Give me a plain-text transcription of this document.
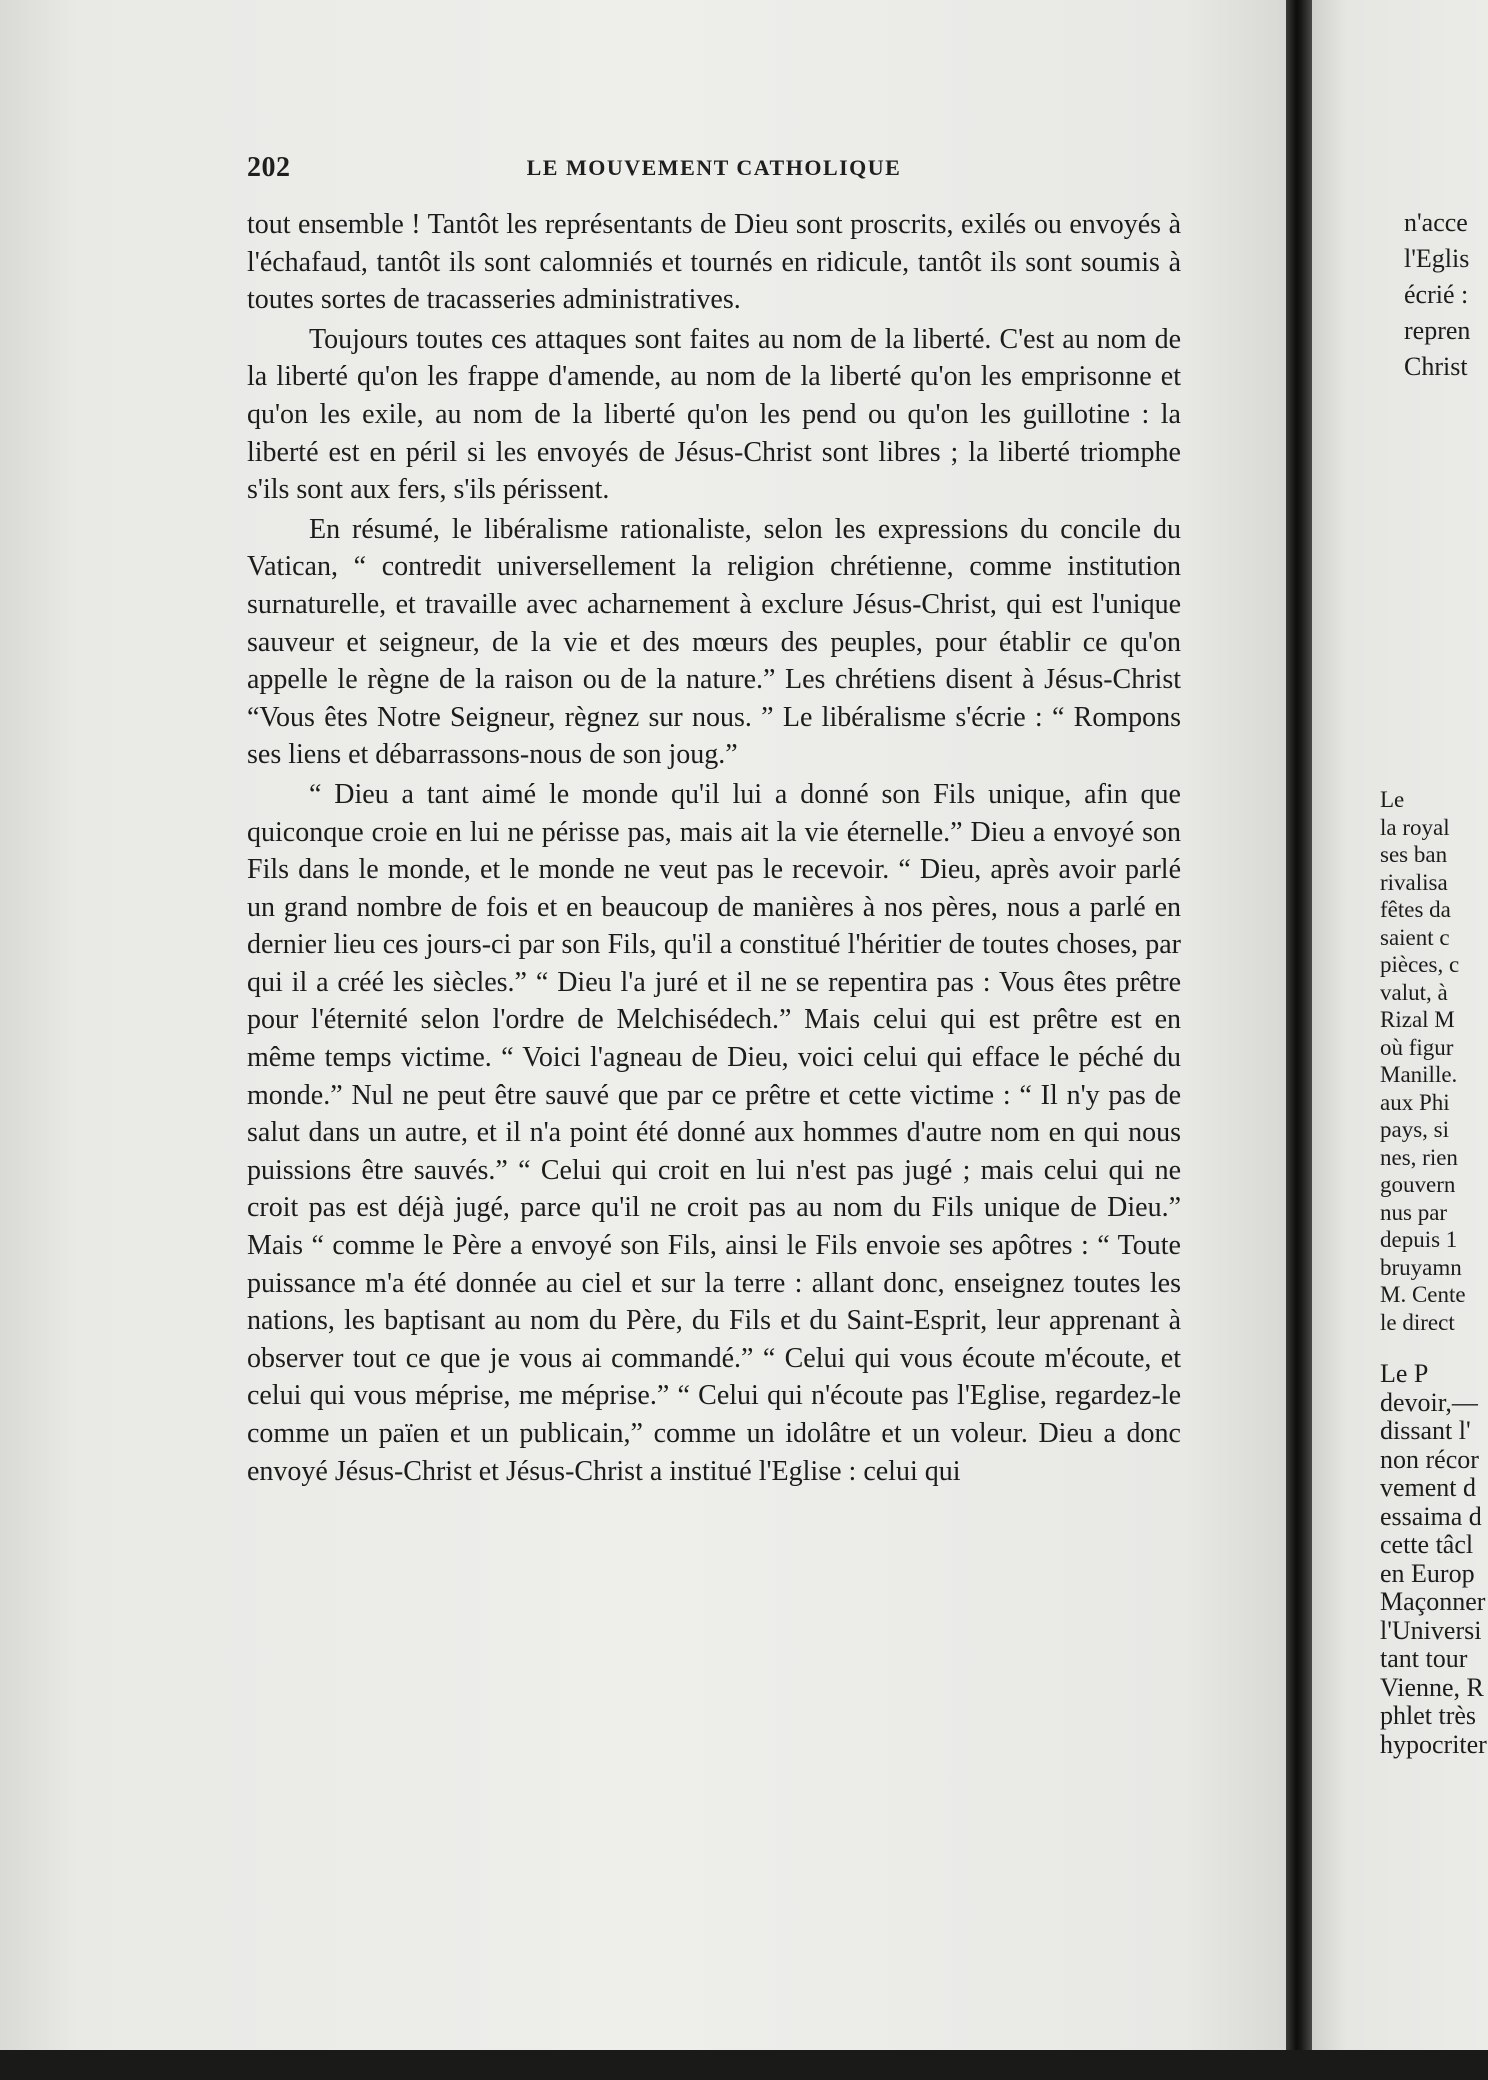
202	LE MOUVEMENT CATHOLIQUE

tout ensemble ! Tantôt les représentants de Dieu sont proscrits, exilés ou envoyés à l'échafaud, tantôt ils sont calomniés et tournés en ridicule, tantôt ils sont soumis à toutes sortes de tracasseries administratives.

Toujours toutes ces attaques sont faites au nom de la liberté. C'est au nom de la liberté qu'on les frappe d'amende, au nom de la liberté qu'on les emprisonne et qu'on les exile, au nom de la liberté qu'on les pend ou qu'on les guillotine : la liberté est en péril si les envoyés de Jésus-Christ sont libres ; la liberté triomphe s'ils sont aux fers, s'ils périssent.

En résumé, le libéralisme rationaliste, selon les expressions du concile du Vatican, “ contredit universellement la religion chrétienne, comme institution surnaturelle, et travaille avec acharnement à exclure Jésus-Christ, qui est l'unique sauveur et seigneur, de la vie et des mœurs des peuples, pour établir ce qu'on appelle le règne de la raison ou de la nature.” Les chrétiens disent à Jésus-Christ “Vous êtes Notre Seigneur, règnez sur nous. ” Le libéralisme s'écrie : “ Rompons ses liens et débarrassons-nous de son joug.”

“ Dieu a tant aimé le monde qu'il lui a donné son Fils unique, afin que quiconque croie en lui ne périsse pas, mais ait la vie éternelle.” Dieu a envoyé son Fils dans le monde, et le monde ne veut pas le recevoir. “ Dieu, après avoir parlé un grand nombre de fois et en beaucoup de manières à nos pères, nous a parlé en dernier lieu ces jours-ci par son Fils, qu'il a constitué l'héritier de toutes choses, par qui il a créé les siècles.” “ Dieu l'a juré et il ne se repentira pas : Vous êtes prêtre pour l'éternité selon l'ordre de Melchisédech.” Mais celui qui est prêtre est en même temps victime. “ Voici l'agneau de Dieu, voici celui qui efface le péché du monde.” Nul ne peut être sauvé que par ce prêtre et cette victime : “ Il n'y pas de salut dans un autre, et il n'a point été donné aux hommes d'autre nom en qui nous puissions être sauvés.” “ Celui qui croit en lui n'est pas jugé ; mais celui qui ne croit pas est déjà jugé, parce qu'il ne croit pas au nom du Fils unique de Dieu.” Mais “ comme le Père a envoyé son Fils, ainsi le Fils envoie ses apôtres : “ Toute puissance m'a été donnée au ciel et sur la terre : allant donc, enseignez toutes les nations, les baptisant au nom du Père, du Fils et du Saint-Esprit, leur apprenant à observer tout ce que je vous ai commandé.” “ Celui qui vous écoute m'écoute, et celui qui vous méprise, me méprise.” “ Celui qui n'écoute pas l'Eglise, regardez-le comme un païen et un publicain,” comme un idolâtre et un voleur. Dieu a donc envoyé Jésus-Christ et Jésus-Christ a institué l'Eglise : celui qui

n'acce
l'Eglis
écrié :
repren
Christ
Le
la royal
ses ban
rivalisa
fêtes da
saient c
pièces, c
valut, à
Rizal M
où figur
Manille.
aux Phi
pays, si
nes, rien
gouvern
nus par
depuis 1
bruyamn
M. Cente
le direct
Le P
devoir,—
dissant l'
non récor
vement d
essaima d
cette tâcl
en Europ
Maçonner
l'Universi
tant tour
Vienne, R
phlet très
hypocriter
